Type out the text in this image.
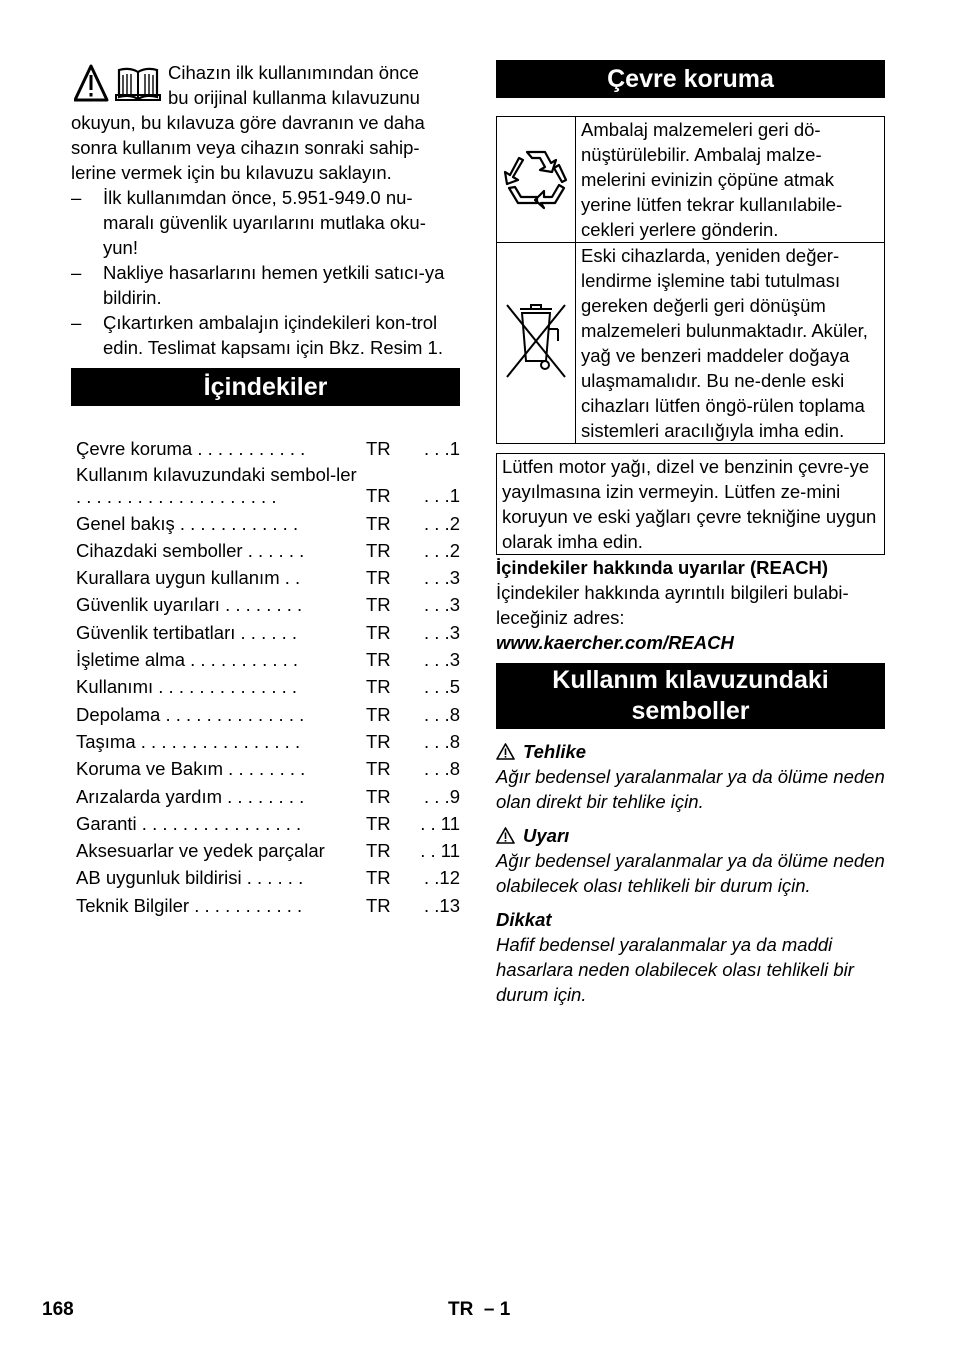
Cihazın ilk kullanımından önce

bu orijinal kullanma kılavuzunu

okuyun, bu kılavuza göre davranın ve daha sonra kullanım veya cihazın sonraki sahip-lerine vermek için bu kılavuzu saklayın.

– İlk kullanımdan önce, 5.951-949.0 nu-maralı güvenlik uyarılarını mutlaka oku-yun!
– Nakliye hasarlarını hemen yetkili satıcı-ya bildirin.
– Çıkartırken ambalajın içindekileri kon-trol edin. Teslimat kapsamı için Bkz. Resim 1.
İçindekiler
Çevre koruma . . . . . . . . . . .	TR	. . .1
Kullanım kılavuzundaki sembol-ler . . . . . . . . . . . . . . . . . . . .	TR	. . .1
Genel bakış . . . . . . . . . . . .	TR	. . .2
Cihazdaki semboller . . . . . .	TR	. . .2
Kurallara uygun kullanım . .	TR	. . .3
Güvenlik uyarıları . . . . . . . .	TR	. . .3
Güvenlik tertibatları . . . . . .	TR	. . .3
İşletime alma . . . . . . . . . . .	TR	. . .3
Kullanımı . . . . . . . . . . . . . .	TR	. . .5
Depolama . . . . . . . . . . . . . .	TR	. . .8
Taşıma . . . . . . . . . . . . . . . .	TR	. . .8
Koruma ve Bakım . . . . . . . .	TR	. . .8
Arızalarda yardım . . . . . . . .	TR	. . .9
Garanti . . . . . . . . . . . . . . . .	TR	. . 11
Aksesuarlar ve yedek parçalar	TR	. . 11
AB uygunluk bildirisi . . . . . .	TR	. .12
Teknik Bilgiler . . . . . . . . . . .	TR	. .13
Çevre koruma
	Ambalaj malzemeleri geri dö-nüştürülebilir. Ambalaj malze-melerini evinizin çöpüne atmak yerine lütfen tekrar kullanılabile-cekleri yerlere gönderin.
	Eski cihazlarda, yeniden değer-lendirme işlemine tabi tutulması gereken değerli geri dönüşüm malzemeleri bulunmaktadır. Aküler, yağ ve benzeri maddeler doğaya ulaşmamalıdır. Bu ne-denle eski cihazları lütfen öngö-rülen toplama sistemleri aracılığıyla imha edin.
Lütfen motor yağı, dizel ve benzinin çevre-ye yayılmasına izin vermeyin. Lütfen ze-mini koruyun ve eski yağları çevre tekniğine uygun olarak imha edin.

İçindekiler hakkında uyarılar (REACH)

İçindekiler hakkında ayrıntılı bilgileri bulabi-leceğiniz adres:

www.kaercher.com/REACH

Kullanım kılavuzundaki semboller

Tehlike

Ağır bedensel yaralanmalar ya da ölüme neden olan direkt bir tehlike için.

Uyarı

Ağır bedensel yaralanmalar ya da ölüme neden olabilecek olası tehlikeli bir durum için.

Dikkat

Hafif bedensel yaralanmalar ya da maddi hasarlara neden olabilecek olası tehlikeli bir durum için.

168	TR  – 1
